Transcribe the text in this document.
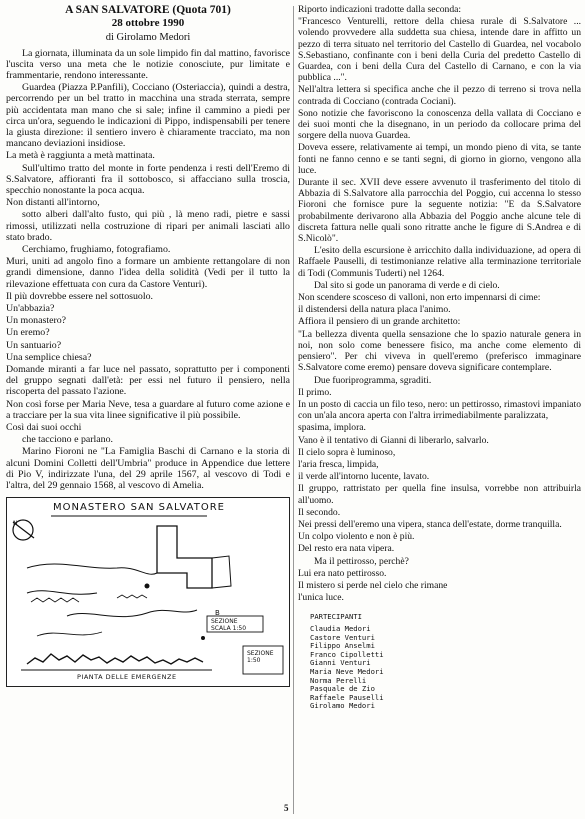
A SAN SALVATORE (Quota 701)
28 ottobre 1990
di Girolamo Medori

La giornata, illuminata da un sole limpido fin dal mattino, favorisce l'uscita verso una meta che le notizie conosciute, pur limitate e frammentarie, rendono interessante.

Guardea (Piazza P.Panfili), Cocciano (Osteriaccia), quindi a destra, percorrendo per un bel tratto in macchina una strada sterrata, sempre più accidentata man mano che si sale; infine il cammino a piedi per circa un'ora, seguendo le indicazioni di Pippo, indispensabili per tenere la giusta direzione: il sentiero invero è chiaramente tracciato, ma non mancano deviazioni insidiose.

La metà è raggiunta a metà mattinata.

Sull'ultimo tratto del monte in forte pendenza i resti dell'Eremo di S.Salvatore, affioranti fra il sottobosco, si affacciano sulla troscia, specchio nonostante la poca acqua.

Non distanti all'intorno,

sotto alberi dall'alto fusto, qui più , là meno radi, pietre e sassi rimossi, utilizzati nella costruzione di ripari per animali lasciati allo stato brado.

Cerchiamo, frughiamo, fotografiamo.

Muri, uniti ad angolo fino a formare un ambiente rettangolare di non grandi dimensione, danno l'idea della solidità (Vedi per il tutto la rilevazione effettuata con cura da Castore Venturi).

Il più dovrebbe essere nel sottosuolo.

Un'abbazia?

Un monastero?

Un eremo?

Un santuario?

Una semplice chiesa?

Domande miranti a far luce nel passato, soprattutto per i componenti del gruppo segnati dall'età: per essi nel futuro il pensiero, nella riscoperta del passato l'azione.

Non così forse per Maria Neve, tesa a guardare al futuro come azione e a tracciare per la sua vita linee significative il più possibile.

Così dai suoi occhi

che tacciono e parlano.

Marino Fioroni ne "La Famiglia Baschi di Carnano e la storia di alcuni Domini Colletti dell'Umbria" produce in Appendice due lettere di Pio V, indirizzate l'una, del 29 aprile 1567, al vescovo di Todi e l'altra, del 29 gennaio 1568, al vescovo di Amelia.

MONASTERO SAN SALVATORE
N
SEZIONE
SCALA 1:50
SEZIONE
1:50
PIANTA DELLE EMERGENZE
B

Riporto indicazioni tradotte dalla seconda:

"Francesco Venturelli, rettore della chiesa rurale di S.Salvatore ... volendo provvedere alla suddetta sua chiesa, intende dare in affitto un pezzo di terra situato nel territorio del Castello di Guardea, nel vocabolo S.Sebastiano, confinante con i beni della Curia del predetto Castello di Guardea, con i beni della Cura del Castello di Carnano, e con la via pubblica ...".

Nell'altra lettera si specifica anche che il pezzo di terreno si trova nella contrada di Cocciano (contrada Cociani).

Sono notizie che favoriscono la conoscenza della vallata di Cocciano e dei suoi monti che la disegnano, in un periodo da collocare prima del sorgere della nuova Guardea.

Doveva essere, relativamente ai tempi, un mondo pieno di vita, se tante fonti ne fanno cenno e se tanti segni, di giorno in giorno, vengono alla luce.

Durante il sec. XVII deve essere avvenuto il trasferimento del titolo di Abbazia di S.Salvatore alla parrocchia del Poggio, cui accenna lo stesso Fioroni che fornisce pure la seguente notizia: "E da S.Salvatore probabilmente derivarono alla Abbazia del Poggio anche alcune tele di discreta fattura nelle quali sono ritratte anche le figure di S.Andrea e di S.Nicolò".

L'esito della escursione è arricchito dalla individuazione, ad opera di Raffaele Pauselli, di testimonianze relative alla terminazione territoriale di Todi (Communis Tuderti) nel 1264.

Dal sito si gode un panorama di verde e di cielo.

Non scendere scosceso di valloni, non erto impennarsi di cime:

il distendersi della natura placa l'animo.

Affiora il pensiero di un grande architetto:

"La bellezza diventa quella sensazione che lo spazio naturale genera in noi, non solo come benessere fisico, ma anche come elemento di pensiero". Per chi viveva in quell'eremo (preferisco immaginare S.Salvatore come eremo) pensare doveva significare contemplare.

Due fuoriprogramma, sgraditi.

Il primo.

In un posto di caccia un filo teso, nero: un pettirosso, rimastovi impaniato con un'ala ancora aperta con l'altra irrimediabilmente paralizzata,

spasima, implora.

Vano è il tentativo di Gianni di liberarlo, salvarlo.

Il cielo sopra è luminoso,

l'aria fresca, limpida,

il verde all'intorno lucente, lavato.

Il gruppo, rattristato per quella fine insulsa, vorrebbe non attribuirla all'uomo.

Il secondo.

Nei pressi dell'eremo una vipera, stanca dell'estate, dorme tranquilla.

Un colpo violento e non è più.

Del resto era nata vipera.

Ma il pettirosso, perchè?

Lui era nato pettirosso.

Il mistero si perde nel cielo che rimane

l'unica luce.

PARTECIPANTI
Claudia Medori
Castore Venturi
Filippo Anselmi
Franco Cipolletti
Gianni Venturi
Maria Neve Medori
Norma Perelli
Pasquale de Zio
Raffaele Pauselli
Girolamo Medori
5
